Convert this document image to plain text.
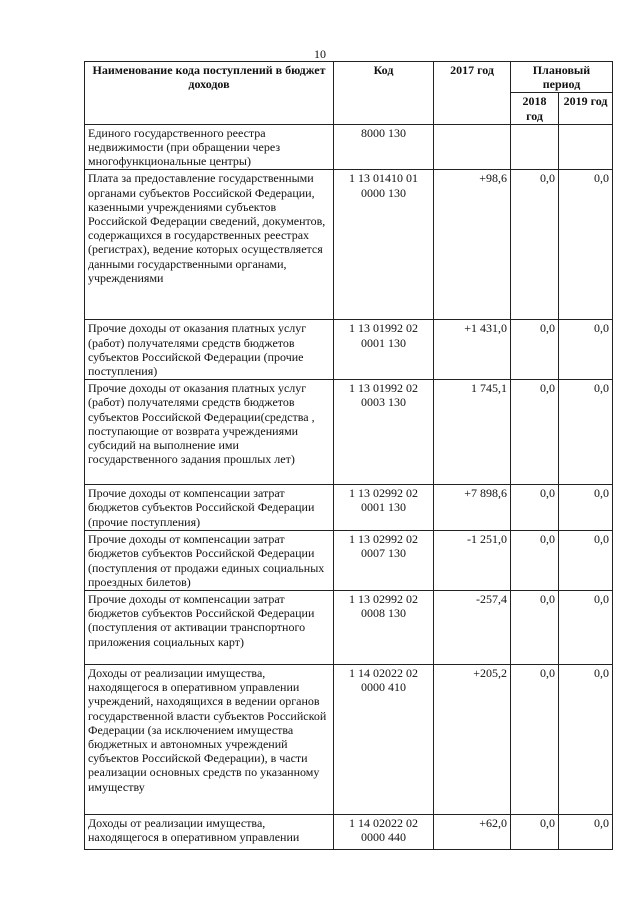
10
Наименование кода поступлений в бюджет доходов	Код	2017 год	Плановый период	
			2018 год	2019 год
Единого государственного реестра недвижимости (при обращении через многофункциональные центры)	8000 130			
Плата за предоставление государственными органами субъектов Российской Федерации, казенными учреждениями субъектов Российской Федерации сведений, документов, содержащихся в государственных реестрах (регистрах), ведение которых осуществляется данными государственными органами, учреждениями	1 13 01410 01 0000 130	+98,6	0,0	0,0
Прочие доходы от оказания платных услуг (работ) получателями средств бюджетов субъектов Российской Федерации (прочие поступления)	1 13 01992 02 0001 130	+1 431,0	0,0	0,0
Прочие доходы от оказания платных услуг (работ) получателями средств бюджетов субъектов Российской Федерации(средства , поступающие от возврата учреждениями субсидий на выполнение ими государственного задания прошлых лет)	1 13 01992 02 0003 130	1 745,1	0,0	0,0
Прочие доходы от компенсации затрат бюджетов субъектов Российской Федерации (прочие поступления)	1 13 02992 02 0001 130	+7 898,6	0,0	0,0
Прочие доходы от компенсации затрат бюджетов субъектов Российской Федерации (поступления от продажи единых социальных проездных билетов)	1 13 02992 02 0007 130	-1 251,0	0,0	0,0
Прочие доходы от компенсации затрат бюджетов субъектов Российской Федерации (поступления от активации транспортного приложения социальных карт)	1 13 02992 02 0008 130	-257,4	0,0	0,0
Доходы от реализации имущества, находящегося в оперативном управлении учреждений, находящихся в ведении органов государственной власти субъектов Российской Федерации (за исключением имущества бюджетных и автономных учреждений субъектов Российской Федерации), в части реализации основных средств по указанному имуществу	1 14 02022 02 0000 410	+205,2	0,0	0,0
Доходы от реализации имущества, находящегося в оперативном управлении	1 14 02022 02 0000 440	+62,0	0,0	0,0
